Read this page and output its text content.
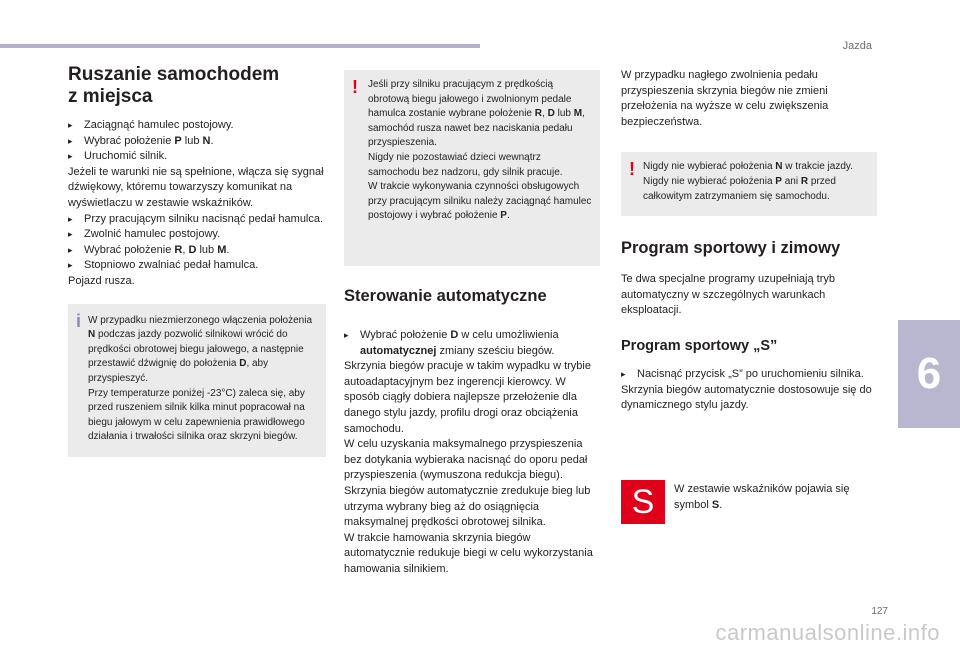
Jazda
6
Ruszanie samochodem
z miejsca
▸	Zaciągnąć hamulec postojowy.
▸	Wybrać położenie P lub N.
▸	Uruchomić silnik.
Jeżeli te warunki nie są spełnione, włącza się sygnał dźwiękowy, któremu towarzyszy komunikat na wyświetlaczu w zestawie wskaźników.
▸	Przy pracującym silniku nacisnąć pedał hamulca.
▸	Zwolnić hamulec postojowy.
▸	Wybrać położenie R, D lub M.
▸	Stopniowo zwalniać pedał hamulca.
Pojazd rusza.
i W przypadku niezmierzonego włączenia położenia N podczas jazdy pozwolić silnikowi wrócić do prędkości obrotowej biegu jałowego, a następnie przestawić dźwignię do położenia D, aby przyspieszyć.
Przy temperaturze poniżej -23°C) zaleca się, aby przed ruszeniem silnik kilka minut popracował na biegu jałowym w celu zapewnienia prawidłowego działania i trwałości silnika oraz skrzyni biegów.
! Jeśli przy silniku pracującym z prędkością obrotową biegu jałowego i zwolnionym pedale hamulca zostanie wybrane położenie R, D lub M, samochód rusza nawet bez naciskania pedału przyspieszenia.
Nigdy nie pozostawiać dzieci wewnątrz samochodu bez nadzoru, gdy silnik pracuje.
W trakcie wykonywania czynności obsługowych przy pracującym silniku należy zaciągnąć hamulec postojowy i wybrać położenie P.
Sterowanie automatyczne
▸	Wybrać położenie D w celu umożliwienia automatycznej zmiany sześciu biegów.
Skrzynia biegów pracuje w takim wypadku w trybie autoadaptacyjnym bez ingerencji kierowcy. W sposób ciągły dobiera najlepsze przełożenie dla danego stylu jazdy, profilu drogi oraz obciążenia samochodu.
W celu uzyskania maksymalnego przyspieszenia bez dotykania wybieraka nacisnąć do oporu pedał przyspieszenia (wymuszona redukcja biegu). Skrzynia biegów automatycznie zredukuje bieg lub utrzyma wybrany bieg aż do osiągnięcia maksymalnej prędkości obrotowej silnika.
W trakcie hamowania skrzynia biegów automatycznie redukuje biegi w celu wykorzystania hamowania silnikiem.
W przypadku nagłego zwolnienia pedału przyspieszenia skrzynia biegów nie zmieni przełożenia na wyższe w celu zwiększenia bezpieczeństwa.
! Nigdy nie wybierać położenia N w trakcie jazdy.
Nigdy nie wybierać położenia P ani R przed całkowitym zatrzymaniem się samochodu.
Program sportowy i zimowy
Te dwa specjalne programy uzupełniają tryb automatyczny w szczególnych warunkach eksploatacji.
Program sportowy „S”
▸	Nacisnąć przycisk „S” po uruchomieniu silnika.
Skrzynia biegów automatycznie dostosowuje się do dynamicznego stylu jazdy.
S	W zestawie wskaźników pojawia się symbol S.
127
carmanualsonline.info
